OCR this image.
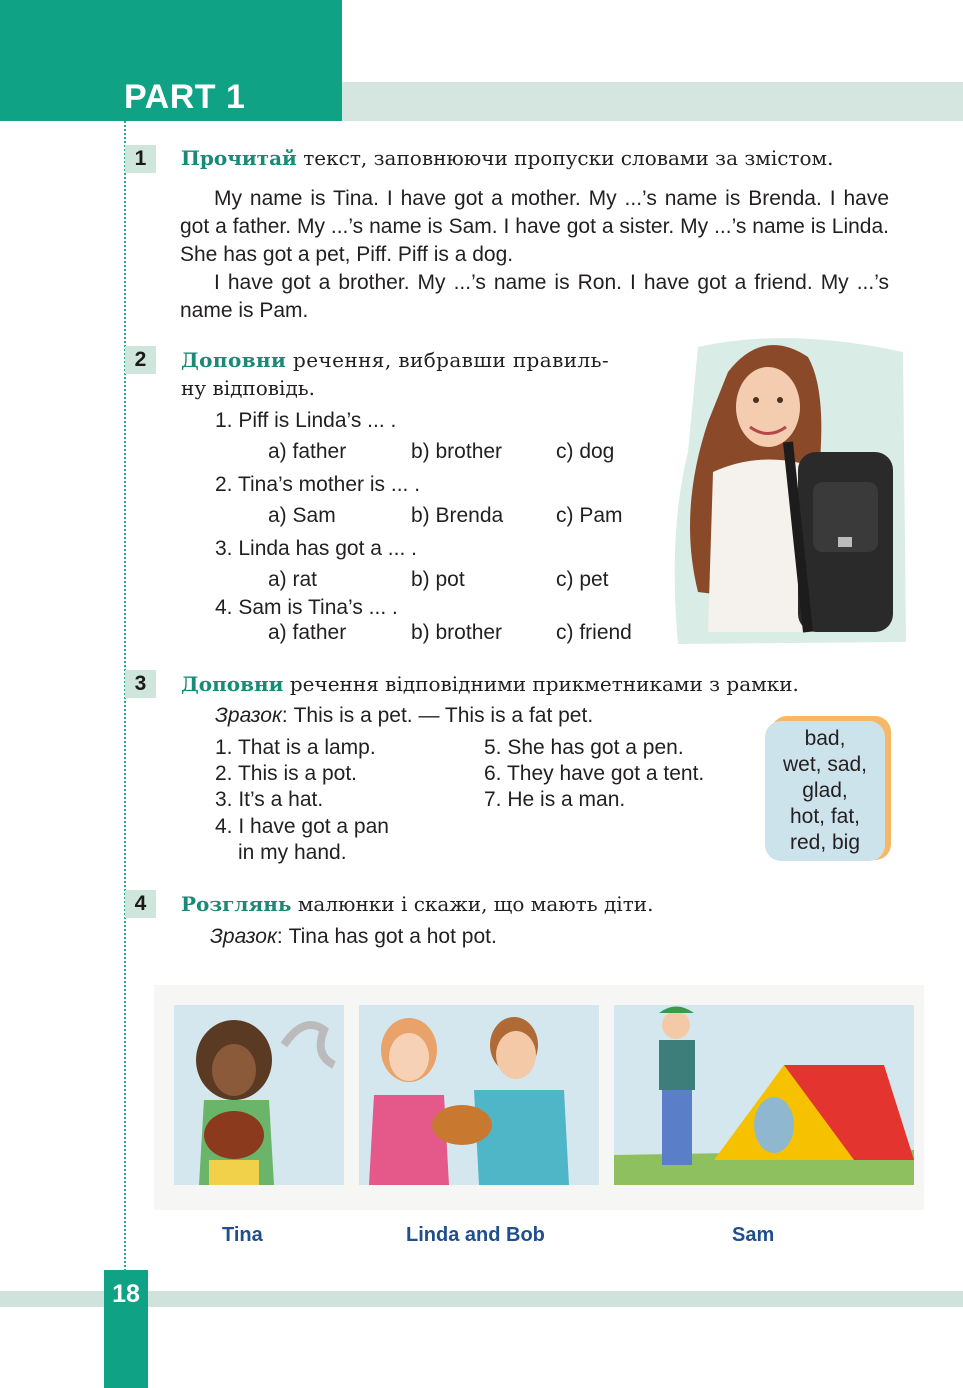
PART 1
1	Прочитай текст, заповнюючи пропуски словами за змістом.
My name is Tina. I have got a mother. My ...’s name is Brenda. I have got a father. My ...’s name is Sam. I have got a sister. My ...’s name is Linda. She has got a pet, Piff. Piff is a dog.
I have got a brother. My ...’s name is Ron. I have got a friend. My ...’s name is Pam.
2	Доповни речення, вибравши правиль-
ну відповідь.
1. Piff is Linda’s ... .
a) father	b) brother	c) dog
2. Tina’s mother is ... .
a) Sam	b) Brenda	c) Pam
3. Linda has got a ... .
a) rat	b) pot	c) pet
4. Sam is Tina’s ... .
a) father	b) brother	c) friend
3	Доповни речення відповідними прикметниками з рамки.
Зразок: This is a pet. — This is a fat pet.
1. That is a lamp.
2. This is a pot.
3. It’s a hat.
4. I have got a pan
in my hand.
5. She has got a pen.
6. They have got a tent.
7. He is a man.
bad,
wet, sad,
glad,
hot, fat,
red, big
4	Розглянь малюнки і скажи, що мають діти.
Зразок: Tina has got a hot pot.
Tina	Linda and Bob	Sam
18
